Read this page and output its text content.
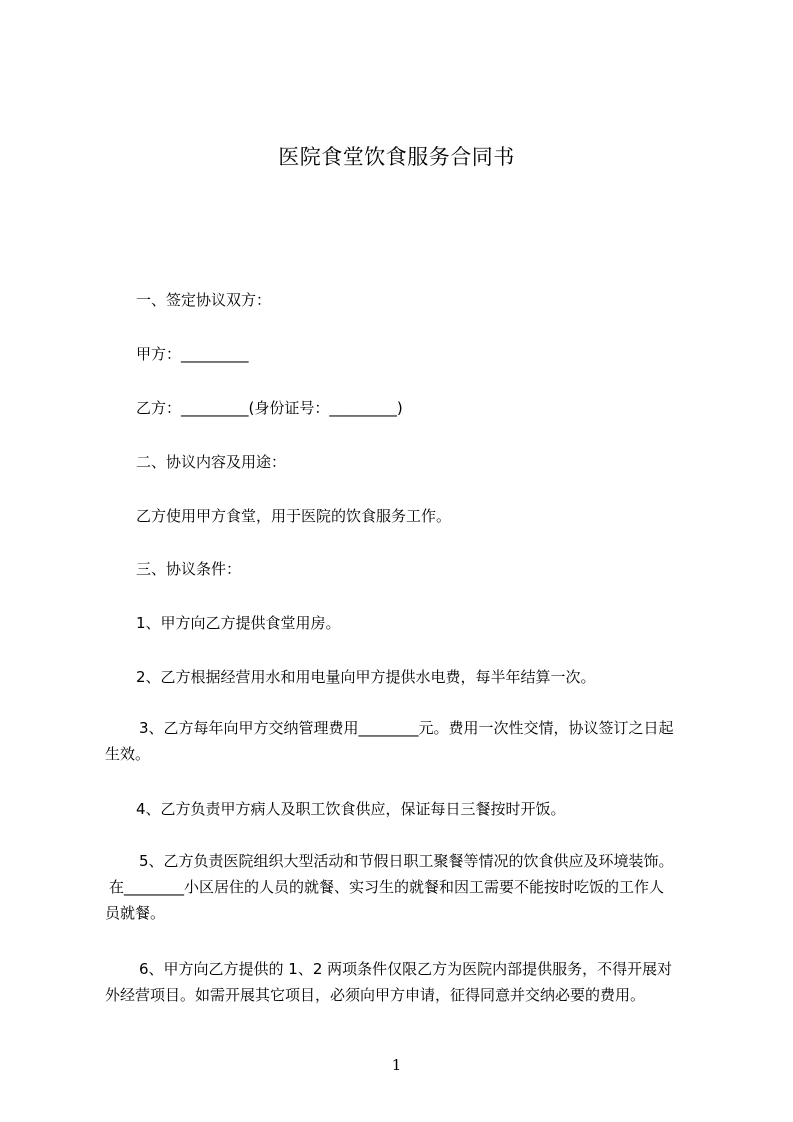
医院食堂饮食服务合同书
一、签定协议双方：
甲方：_________
乙方：_________(身份证号：_________)
二、协议内容及用途：
乙方使用甲方食堂，用于医院的饮食服务工作。
三、协议条件：
1、甲方向乙方提供食堂用房。
2、乙方根据经营用水和用电量向甲方提供水电费，每半年结算一次。
3、乙方每年向甲方交纳管理费用________元。费用一次性交情，协议签订之日起
生效。
4、乙方负责甲方病人及职工饮食供应，保证每日三餐按时开饭。
5、乙方负责医院组织大型活动和节假日职工聚餐等情况的饮食供应及环境装饰。
在________小区居住的人员的就餐、实习生的就餐和因工需要不能按时吃饭的工作人
员就餐。
6、甲方向乙方提供的 1、2 两项条件仅限乙方为医院内部提供服务，不得开展对
外经营项目。如需开展其它项目，必须向甲方申请，征得同意并交纳必要的费用。
1
